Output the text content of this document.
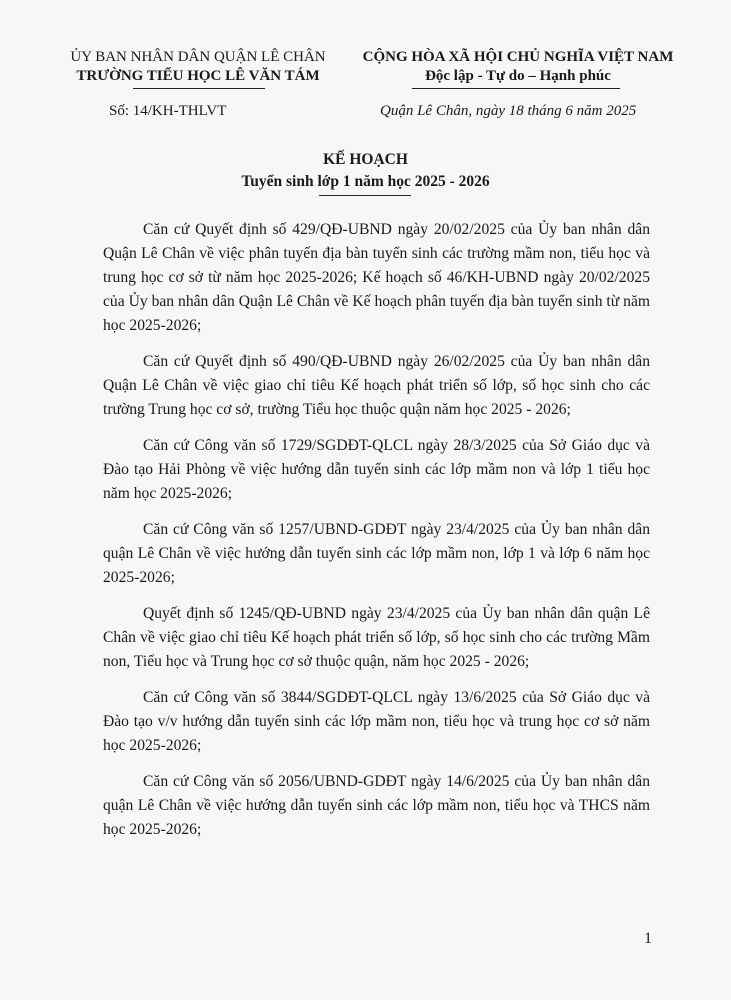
ỦY BAN NHÂN DÂN QUẬN LÊ CHÂN
TRƯỜNG TIỂU HỌC LÊ VĂN TÁM
CỘNG HÒA XÃ HỘI CHỦ NGHĨA VIỆT NAM
Độc lập - Tự do – Hạnh phúc
Số: 14/KH-THLVT	Quận Lê Chân, ngày 18 tháng 6 năm 2025
KẾ HOẠCH
Tuyển sinh lớp 1 năm học 2025 - 2026

Căn cứ Quyết định số 429/QĐ-UBND ngày 20/02/2025 của Ủy ban nhân dân Quận Lê Chân về việc phân tuyến địa bàn tuyển sinh các trường mầm non, tiểu học và trung học cơ sở từ năm học 2025-2026; Kế hoạch số 46/KH-UBND ngày 20/02/2025 của Ủy ban nhân dân Quận Lê Chân về Kế hoạch phân tuyến địa bàn tuyển sinh từ năm học 2025-2026;

Căn cứ Quyết định số 490/QĐ-UBND ngày 26/02/2025 của Ủy ban nhân dân Quận Lê Chân về việc giao chỉ tiêu Kế hoạch phát triển số lớp, số học sinh cho các trường Trung học cơ sở, trường Tiểu học thuộc quận năm học 2025 - 2026;

Căn cứ Công văn số 1729/SGDĐT-QLCL ngày 28/3/2025 của Sở Giáo dục và Đào tạo Hải Phòng về việc hướng dẫn tuyển sinh các lớp mầm non và lớp 1 tiểu học năm học 2025-2026;

Căn cứ Công văn số 1257/UBND-GDĐT ngày 23/4/2025 của Ủy ban nhân dân quận Lê Chân về việc hướng dẫn tuyển sinh các lớp mầm non, lớp 1 và lớp 6 năm học 2025-2026;

Quyết định số 1245/QĐ-UBND ngày 23/4/2025 của Ủy ban nhân dân quận Lê Chân về việc giao chỉ tiêu Kế hoạch phát triển số lớp, số học sinh cho các trường Mầm non, Tiểu học và Trung học cơ sở thuộc quận, năm học 2025 - 2026;

Căn cứ Công văn số 3844/SGDĐT-QLCL ngày 13/6/2025 của Sở Giáo dục và Đào tạo v/v hướng dẫn tuyển sinh các lớp mầm non, tiểu học và trung học cơ sở năm học 2025-2026;

Căn cứ Công văn số 2056/UBND-GDĐT ngày 14/6/2025 của Ủy ban nhân dân quận Lê Chân về việc hướng dẫn tuyển sinh các lớp mầm non, tiểu học và THCS năm học 2025-2026;

1
